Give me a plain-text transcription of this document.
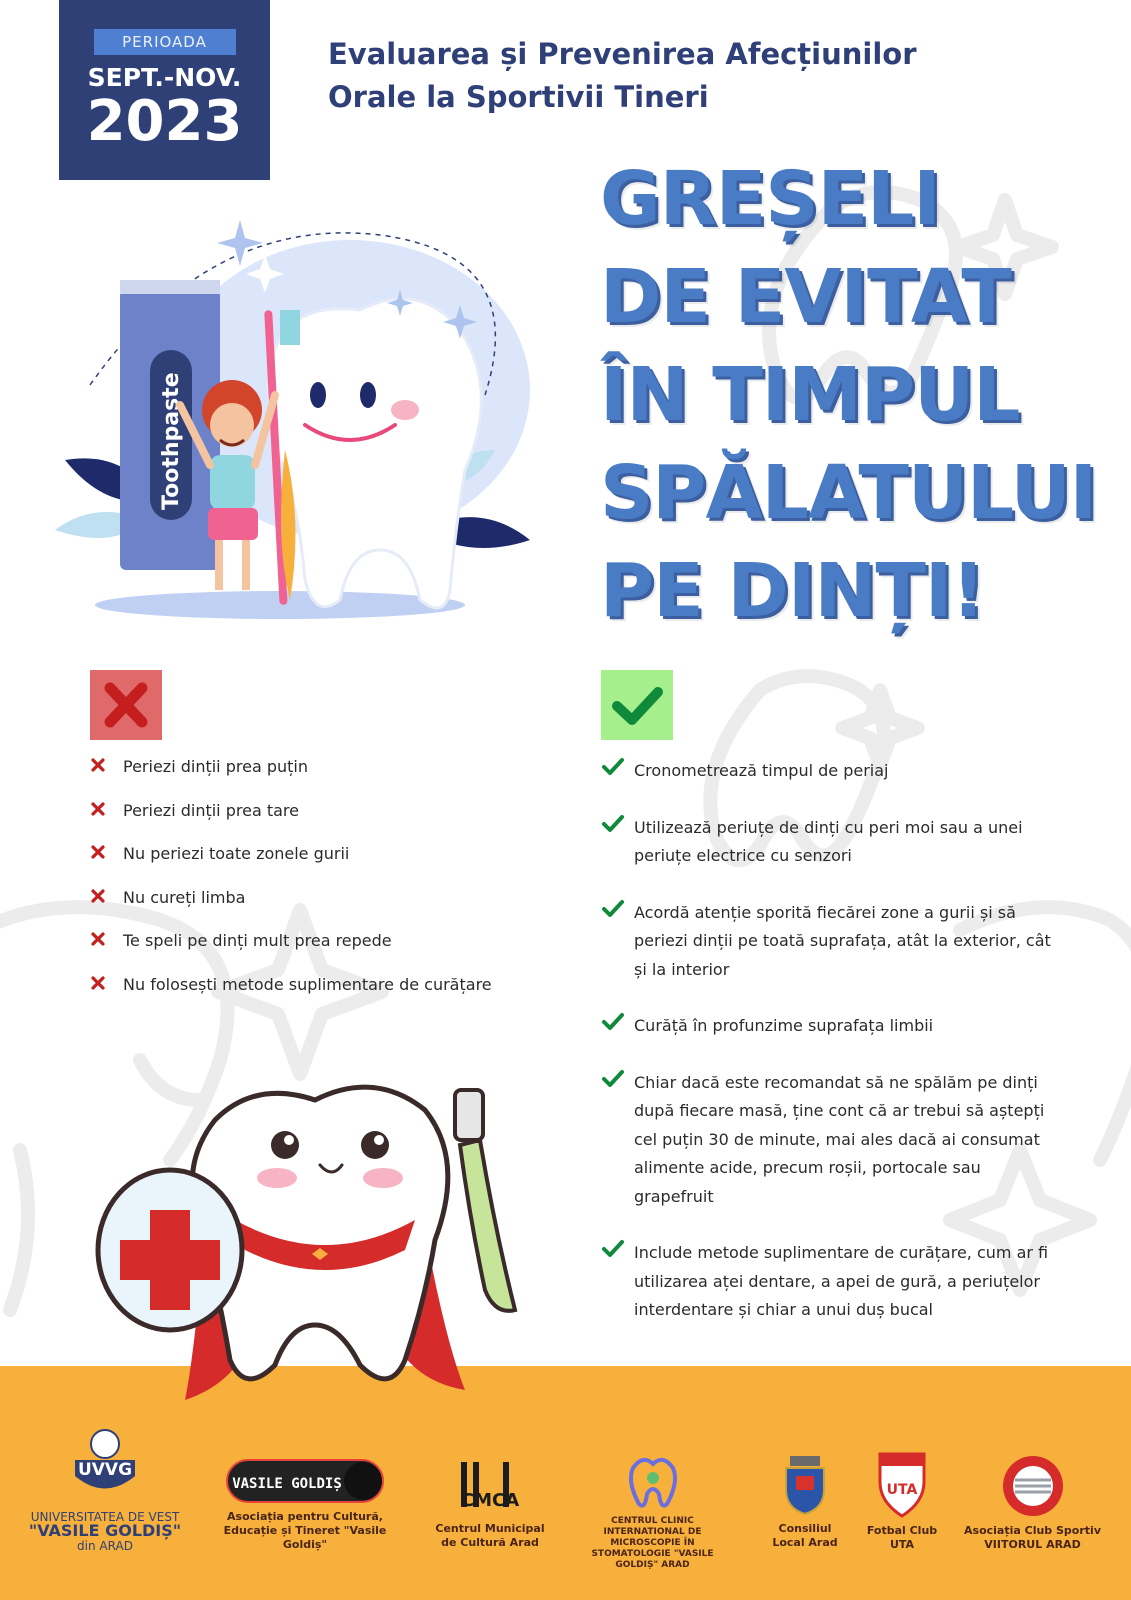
PERIOADA
SEPT.-NOV.
2023
Evaluarea și Prevenirea Afecțiunilor
Orale la Sportivii Tineri
GREȘELI
DE EVITAT
ÎN TIMPUL
SPĂLATULUI
PE DINȚI!
Toothpaste
Periezi dinții prea puțin
Periezi dinții prea tare
Nu periezi toate zonele gurii
Nu cureți limba
Te speli pe dinți mult prea repede
Nu folosești metode suplimentare de curățare
Cronometrează timpul de periaj
Utilizează periuțe de dinți cu peri moi sau a unei periuțe electrice cu senzori
Acordă atenție sporită fiecărei zone a gurii și să periezi dinții pe toată suprafața, atât la exterior, cât și la interior
Curăță în profunzime suprafața limbii
Chiar dacă este recomandat să ne spălăm pe dinți după fiecare masă, ține cont că ar trebui să aștepți cel puțin 30 de minute, mai ales dacă ai consumat alimente acide, precum roșii, portocale sau grapefruit
Include metode suplimentare de curățare, cum ar fi utilizarea aței dentare, a apei de gură, a periuțelor interdentare și chiar a unui duș bucal
UVVG
UNIVERSITATEA DE VEST
"VASILE GOLDIȘ"
din ARAD
VASILE GOLDIȘ
Asociația pentru Cultură, Educație și Tineret "Vasile Goldiș"
CMCA
Centrul Municipal de Cultură Arad
CENTRUL CLINIC INTERNATIONAL DE MICROSCOPIE ÎN STOMATOLOGIE "VASILE GOLDIȘ" ARAD
Consiliul Local Arad
UTA
Fotbal Club UTA
Asociația Club Sportiv VIITORUL ARAD
